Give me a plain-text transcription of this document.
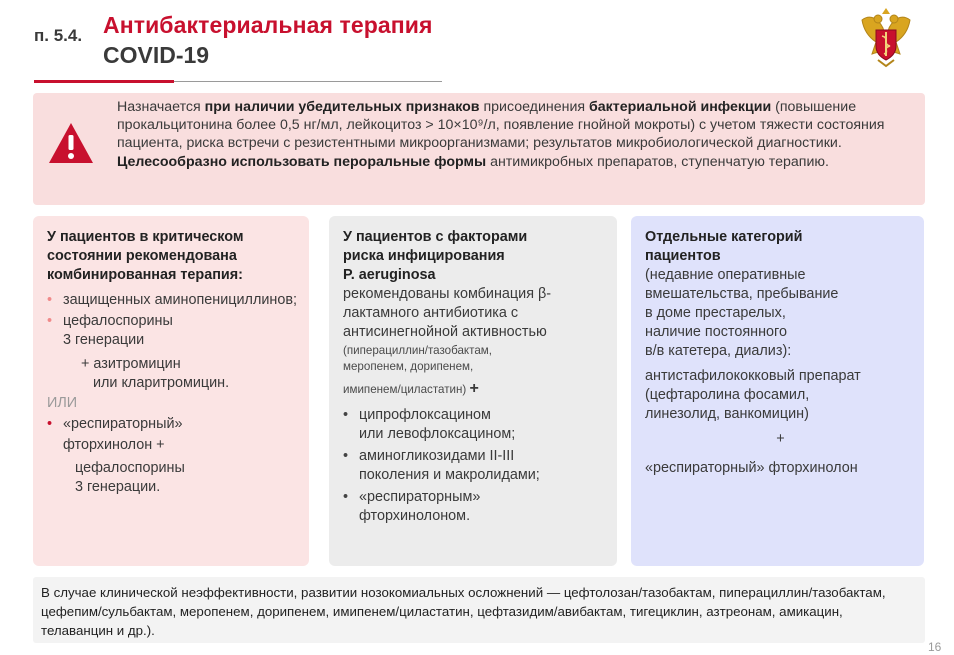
п. 5.4. Антибактериальная терапия
COVID-19
Назначается при наличии убедительных признаков присоединения бактериальной инфекции (повышение прокальцитонина более 0,5 нг/мл, лейкоцитоз > 10×10⁹/л, появление гнойной мокроты) с учетом тяжести состояния пациента, риска встречи с резистентными микроорганизмами; результатов микробиологической диагностики. Целесообразно использовать пероральные формы антимикробных препаратов, ступенчатую терапию.
У пациентов в критическом состоянии рекомендована комбинированная терапия:
• защищенных аминопенициллинов;
• цефалоспорины
3 генерации
+ азитромицин
или кларитромицин.
ИЛИ
• «респираторный»
фторхинолон +
цефалоспорины
3 генерации.
У пациентов с факторами
риска инфицирования
P. aeruginosa
рекомендованы комбинация β-лактамного антибиотика с антисинегнойной активностью
(пиперациллин/тазобактам,
меропенем, дорипенем,
имипенем/циластатин) +
• ципрофлоксацином
или левофлоксацином;
• аминогликозидами II-III
поколения и макролидами;
• «респираторным»
фторхинолоном.
Отдельные категорий
пациентов
(недавние оперативные
вмешательства, пребывание
в доме престарелых,
наличие постоянного
в/в катетера, диализ):
антистафилококковый препарат
(цефтаролина фосамил,
линезолид, ванкомицин)
+
«респираторный» фторхинолон
В случае клинической неэффективности, развитии нозокомиальных осложнений — цефтолозан/тазобактам, пиперациллин/тазобактам, цефепим/сульбактам, меропенем, дорипенем, имипенем/циластатин, цефтазидим/авибактам, тигециклин, азтреонам, амикацин, телаванцин и др.).
16
